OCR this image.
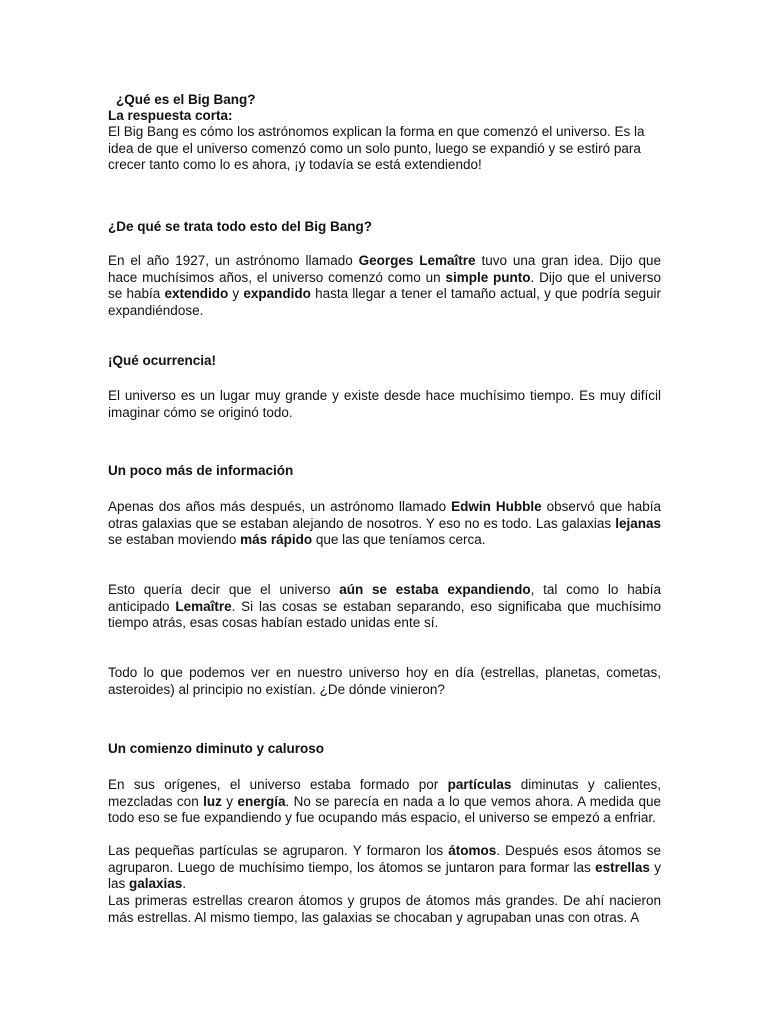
¿Qué es el Big Bang?

La respuesta corta:

El Big Bang es cómo los astrónomos explican la forma en que comenzó el universo. Es la idea de que el universo comenzó como un solo punto, luego se expandió y se estiró para crecer tanto como lo es ahora, ¡y todavía se está extendiendo!

¿De qué se trata todo esto del Big Bang?

En el año 1927, un astrónomo llamado Georges Lemaître tuvo una gran idea. Dijo que hace muchísimos años, el universo comenzó como un simple punto. Dijo que el universo se había extendido y expandido hasta llegar a tener el tamaño actual, y que podría seguir expandiéndose.

¡Qué ocurrencia!

El universo es un lugar muy grande y existe desde hace muchísimo tiempo. Es muy difícil imaginar cómo se originó todo.

Un poco más de información

Apenas dos años más después, un astrónomo llamado Edwin Hubble observó que había otras galaxias que se estaban alejando de nosotros. Y eso no es todo. Las galaxias lejanas se estaban moviendo más rápido que las que teníamos cerca.

Esto quería decir que el universo aún se estaba expandiendo, tal como lo había anticipado Lemaître. Si las cosas se estaban separando, eso significaba que muchísimo tiempo atrás, esas cosas habían estado unidas ente sí.

Todo lo que podemos ver en nuestro universo hoy en día (estrellas, planetas, cometas, asteroides) al principio no existían. ¿De dónde vinieron?

Un comienzo diminuto y caluroso

En sus orígenes, el universo estaba formado por partículas diminutas y calientes, mezcladas con luz y energía. No se parecía en nada a lo que vemos ahora. A medida que todo eso se fue expandiendo y fue ocupando más espacio, el universo se empezó a enfriar.

Las pequeñas partículas se agruparon. Y formaron los átomos. Después esos átomos se agruparon. Luego de muchísimo tiempo, los átomos se juntaron para formar las estrellas y las galaxias.

Las primeras estrellas crearon átomos y grupos de átomos más grandes. De ahí nacieron más estrellas. Al mismo tiempo, las galaxias se chocaban y agrupaban unas con otras. A
